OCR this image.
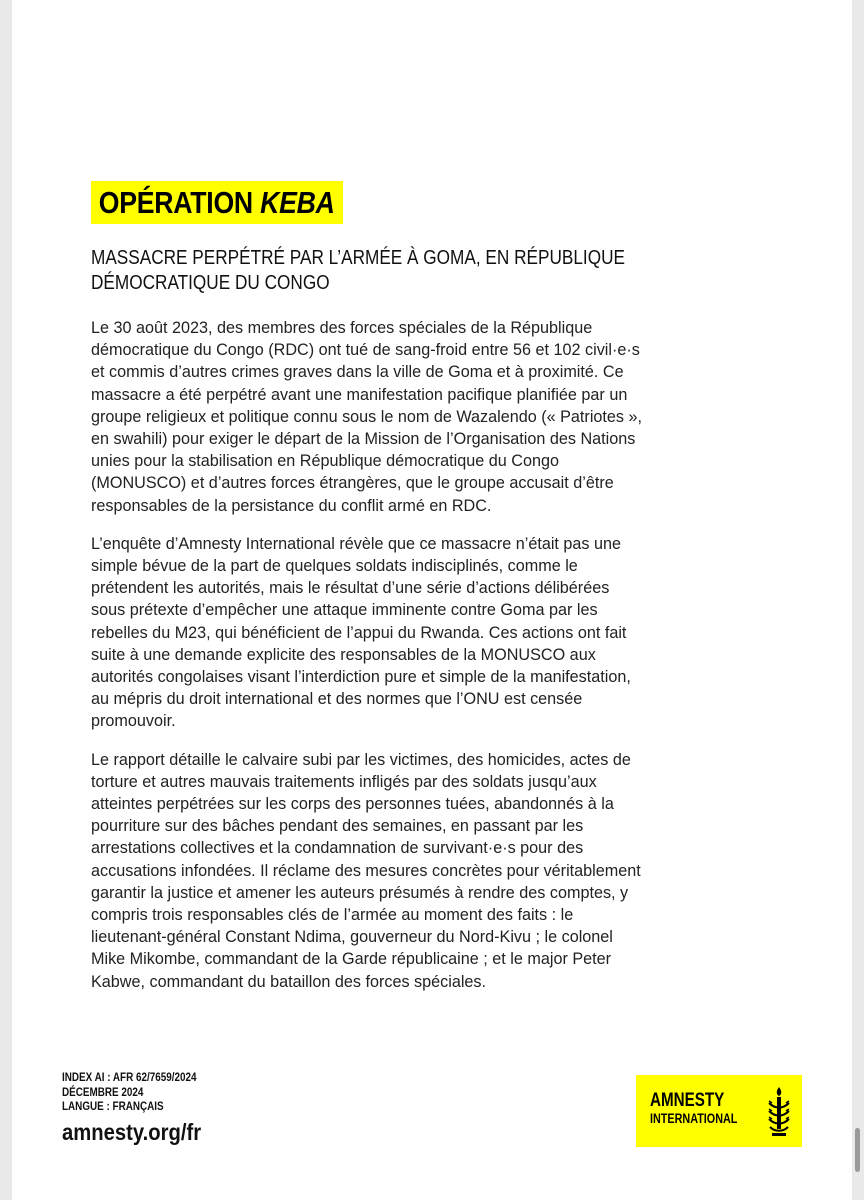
OPÉRATION KEBA
MASSACRE PERPÉTRÉ PAR L’ARMÉE À GOMA, EN RÉPUBLIQUE
DÉMOCRATIQUE DU CONGO

Le 30 août 2023, des membres des forces spéciales de la République
démocratique du Congo (RDC) ont tué de sang-froid entre 56 et 102 civil·e·s
et commis d’autres crimes graves dans la ville de Goma et à proximité. Ce
massacre a été perpétré avant une manifestation pacifique planifiée par un
groupe religieux et politique connu sous le nom de Wazalendo (« Patriotes »,
en swahili) pour exiger le départ de la Mission de l’Organisation des Nations
unies pour la stabilisation en République démocratique du Congo
(MONUSCO) et d’autres forces étrangères, que le groupe accusait d’être
responsables de la persistance du conflit armé en RDC.

L’enquête d’Amnesty International révèle que ce massacre n’était pas une
simple bévue de la part de quelques soldats indisciplinés, comme le
prétendent les autorités, mais le résultat d’une série d’actions délibérées
sous prétexte d’empêcher une attaque imminente contre Goma par les
rebelles du M23, qui bénéficient de l’appui du Rwanda. Ces actions ont fait
suite à une demande explicite des responsables de la MONUSCO aux
autorités congolaises visant l’interdiction pure et simple de la manifestation,
au mépris du droit international et des normes que l’ONU est censée
promouvoir.

Le rapport détaille le calvaire subi par les victimes, des homicides, actes de
torture et autres mauvais traitements infligés par des soldats jusqu’aux
atteintes perpétrées sur les corps des personnes tuées, abandonnés à la
pourriture sur des bâches pendant des semaines, en passant par les
arrestations collectives et la condamnation de survivant·e·s pour des
accusations infondées. Il réclame des mesures concrètes pour véritablement
garantir la justice et amener les auteurs présumés à rendre des comptes, y
compris trois responsables clés de l’armée au moment des faits : le
lieutenant-général Constant Ndima, gouverneur du Nord-Kivu ; le colonel
Mike Mikombe, commandant de la Garde républicaine ; et le major Peter
Kabwe, commandant du bataillon des forces spéciales.

INDEX AI : AFR 62/7659/2024
DÉCEMBRE 2024
LANGUE : FRANÇAIS
amnesty.org/fr
AMNESTY
INTERNATIONAL
